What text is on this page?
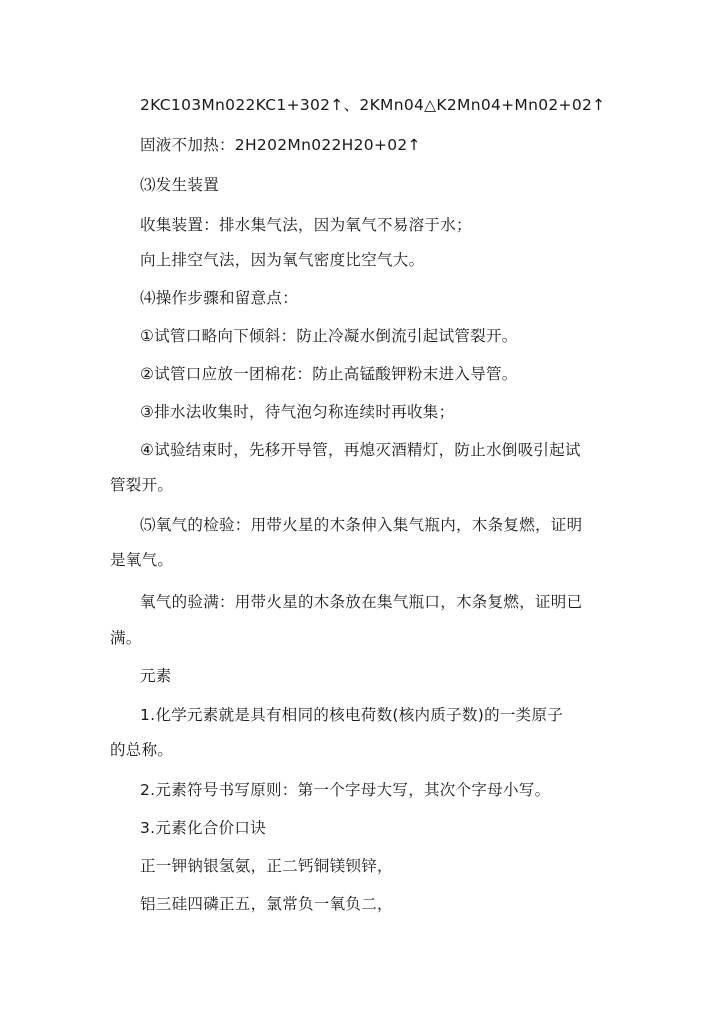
2KC103Mn022KC1+302↑、2KMn04△K2Mn04+Mn02+02↑
固液不加热：2H202Mn022H20+02↑
⑶发生装置
收集装置：排水集气法，因为氧气不易溶于水；
向上排空气法，因为氧气密度比空气大。
⑷操作步骤和留意点：
①试管口略向下倾斜：防止冷凝水倒流引起试管裂开。
②试管口应放一团棉花：防止高锰酸钾粉末进入导管。
③排水法收集时，待气泡匀称连续时再收集；
④试验结束时，先移开导管，再熄灭酒精灯，防止水倒吸引起试
管裂开。
⑸氧气的检验：用带火星的木条伸入集气瓶内，木条复燃，证明
是氧气。
氧气的验满：用带火星的木条放在集气瓶口，木条复燃，证明已
满。
元素
1.化学元素就是具有相同的核电荷数(核内质子数)的一类原子
的总称。
2.元素符号书写原则：第一个字母大写，其次个字母小写。
3.元素化合价口诀
正一钾钠银氢氨，正二钙铜镁钡锌，
铝三硅四磷正五，氯常负一氧负二，
